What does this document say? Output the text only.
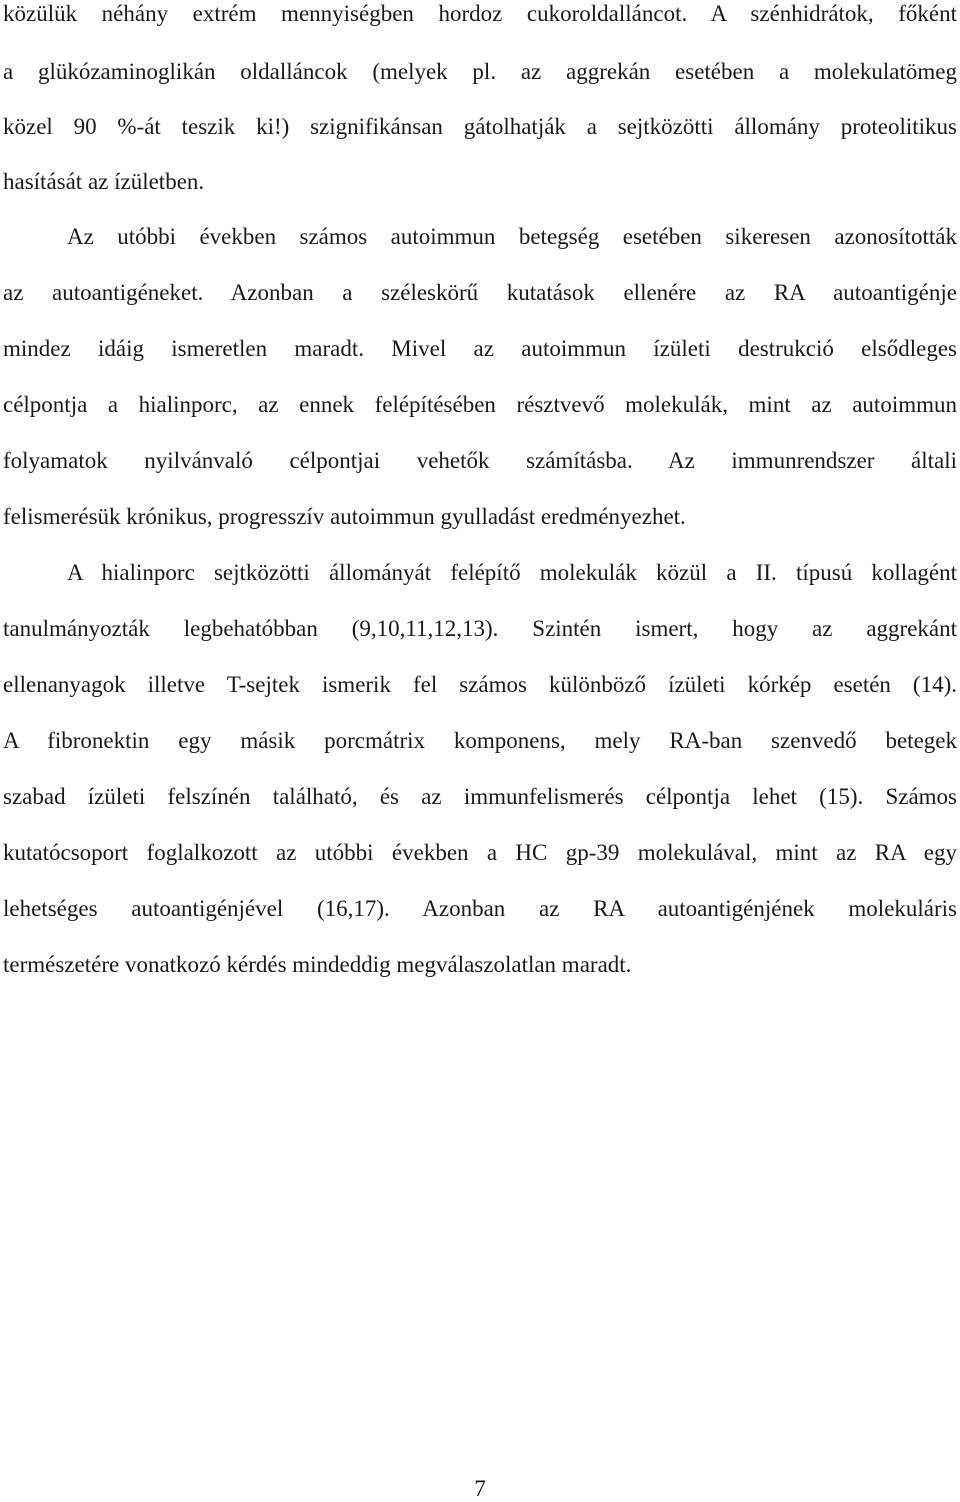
közülük néhány extrém mennyiségben hordoz cukoroldalláncot. A szénhidrátok, főként
a glükózaminoglikán oldalláncok (melyek pl. az aggrekán esetében a molekulatömeg
közel 90 %-át teszik ki!) szignifikánsan gátolhatják a sejtközötti állomány proteolitikus
hasítását az ízületben.
Az utóbbi években számos autoimmun betegség esetében sikeresen azonosították
az autoantigéneket. Azonban a széleskörű kutatások ellenére az RA autoantigénje
mindez idáig ismeretlen maradt. Mivel az autoimmun ízületi destrukció elsődleges
célpontja a hialinporc, az ennek felépítésében résztvevő molekulák, mint az autoimmun
folyamatok nyilvánvaló célpontjai vehetők számításba. Az immunrendszer általi
felismerésük krónikus, progresszív autoimmun gyulladást eredményezhet.
A hialinporc sejtközötti állományát felépítő molekulák közül a II. típusú kollagént
tanulmányozták legbehatóbban (9,10,11,12,13). Szintén ismert, hogy az aggrekánt
ellenanyagok illetve T-sejtek ismerik fel számos különböző ízületi kórkép esetén (14).
A fibronektin egy másik porcmátrix komponens, mely RA-ban szenvedő betegek
szabad ízületi felszínén található, és az immunfelismerés célpontja lehet (15). Számos
kutatócsoport foglalkozott az utóbbi években a HC gp-39 molekulával, mint az RA egy
lehetséges autoantigénjével (16,17). Azonban az RA autoantigénjének molekuláris
természetére vonatkozó kérdés mindeddig megválaszolatlan maradt.
7
